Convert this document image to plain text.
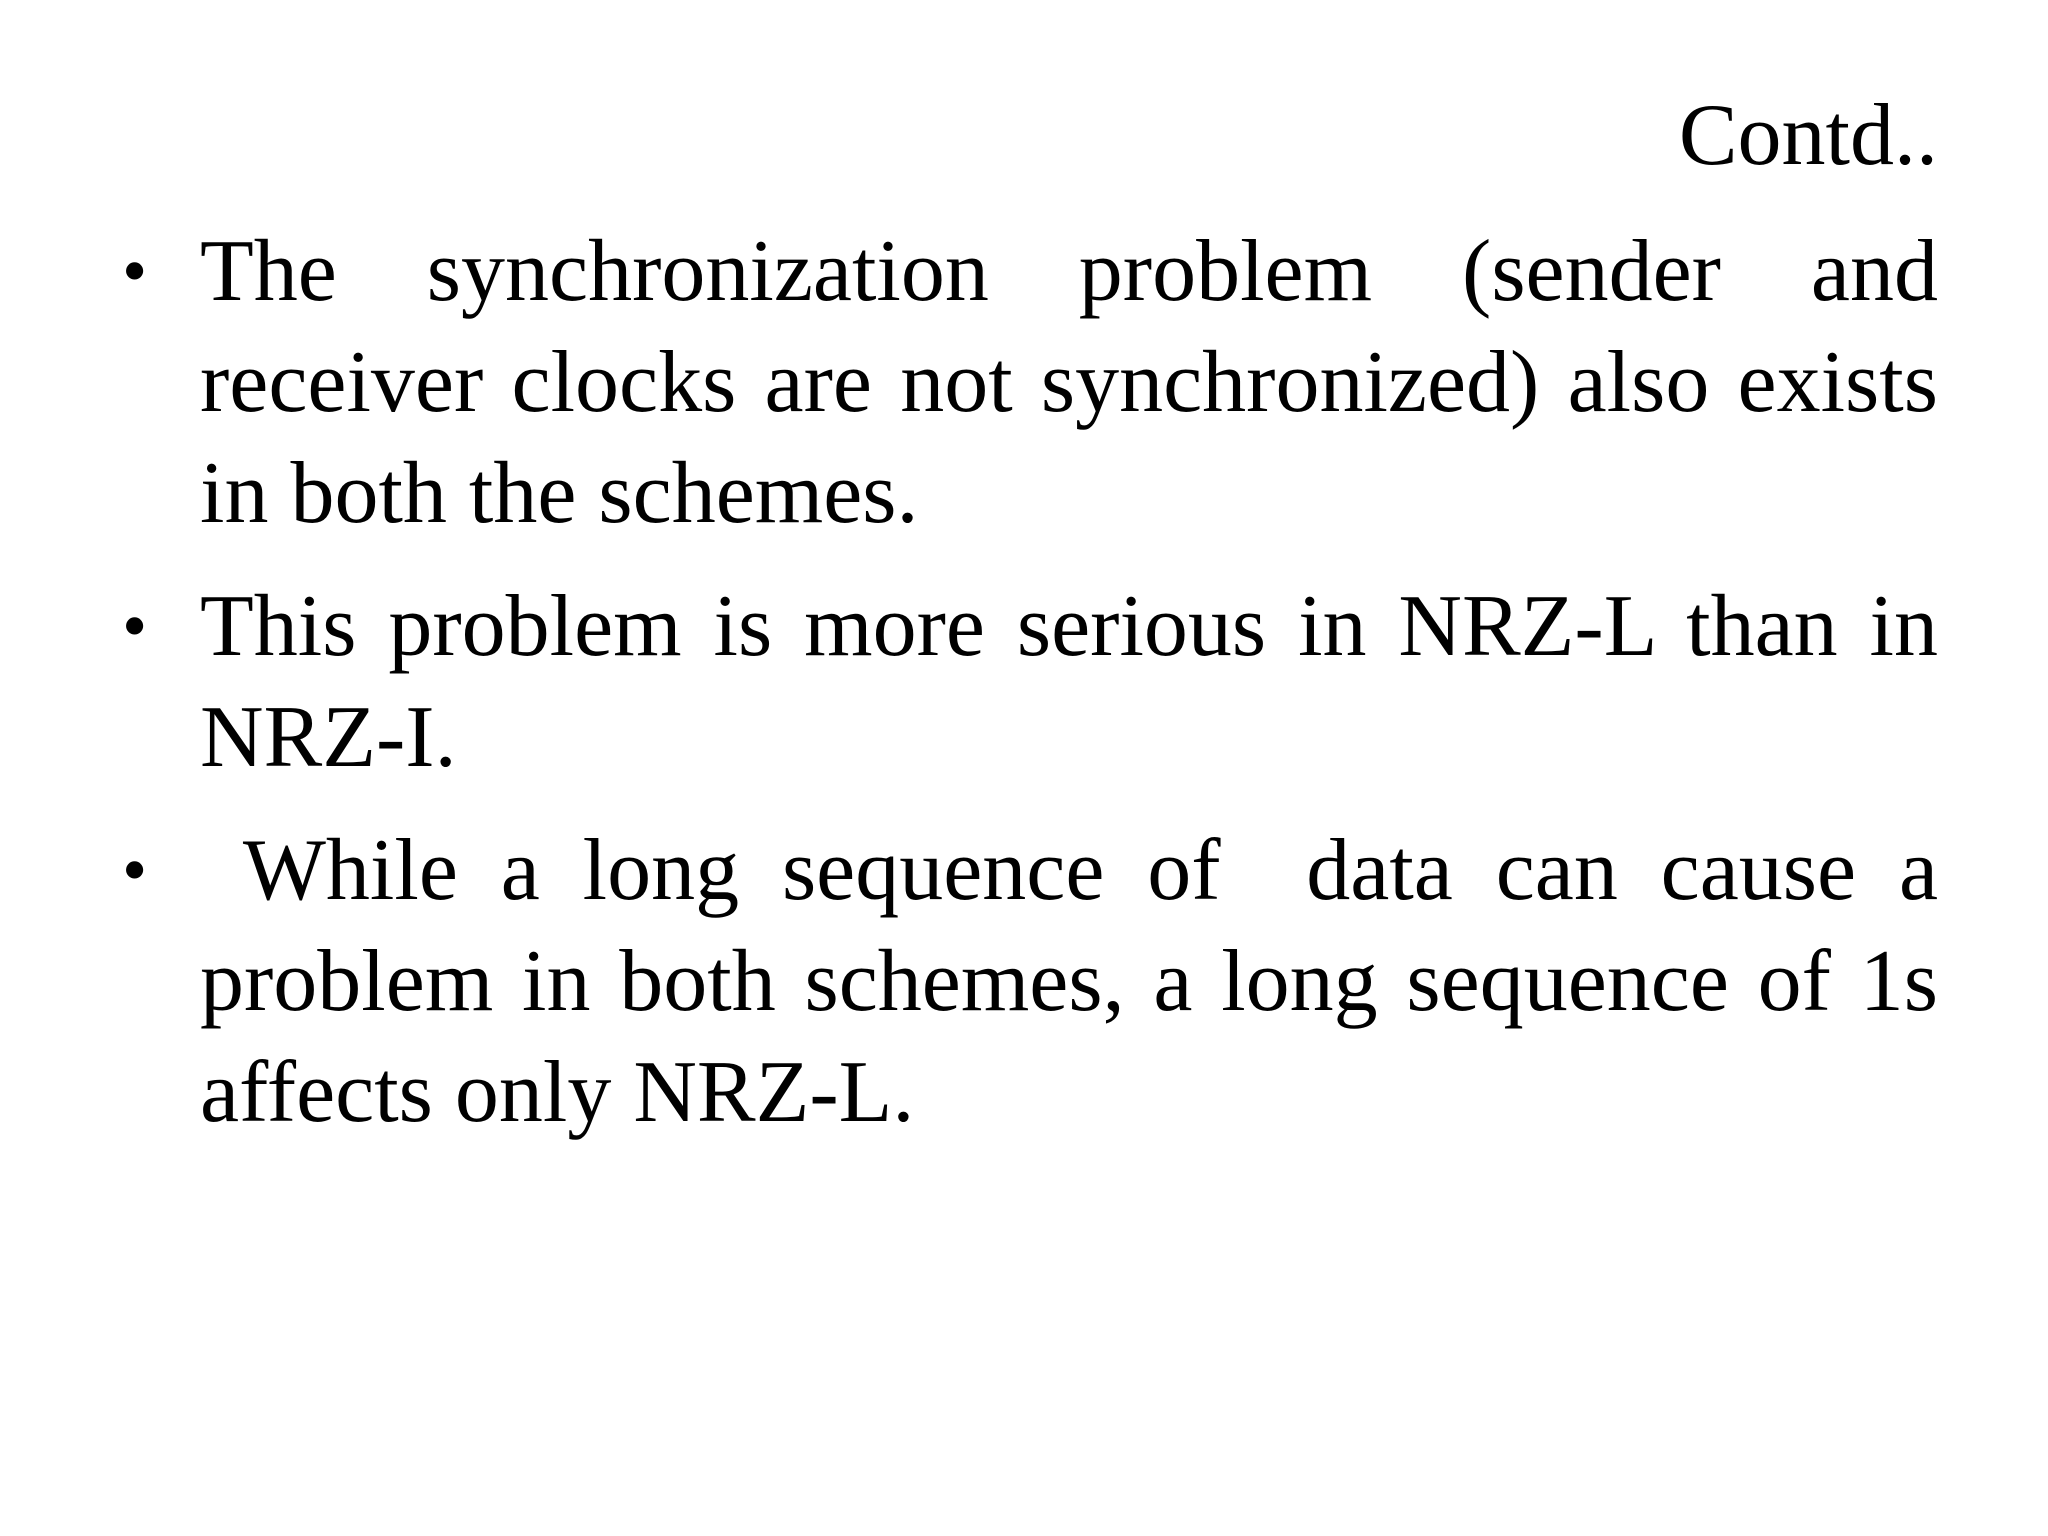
Contd..
• The synchronization problem (sender and receiver clocks are not synchronized) also exists in both the schemes.
• This problem is more serious in NRZ-L than in NRZ-I.
• While a long sequence of  data can cause a problem in both schemes, a long sequence of 1s affects only NRZ-L.
